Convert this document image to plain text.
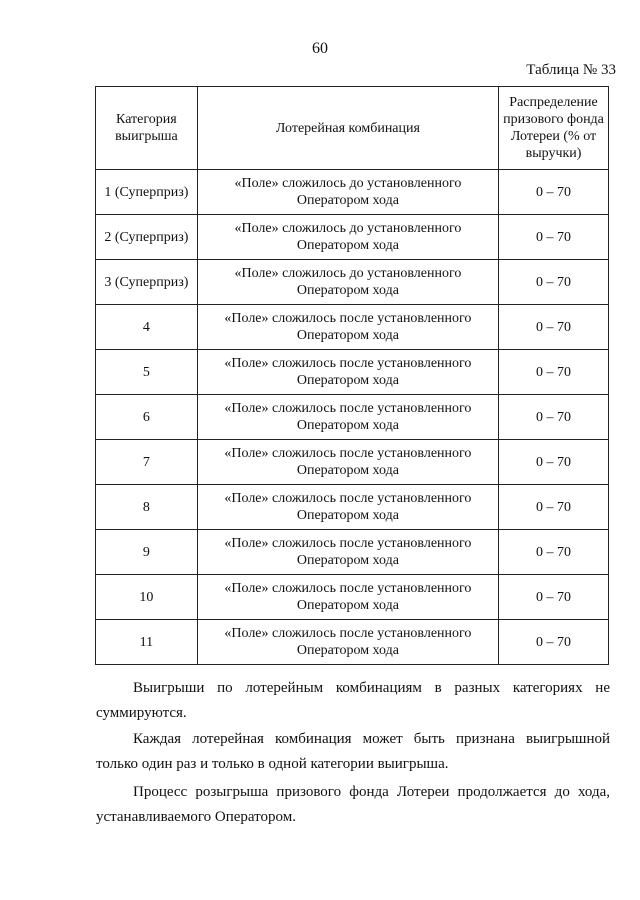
60
Таблица № 33
Категория выигрыша	Лотерейная комбинация	Распределение призового фонда Лотереи (% от выручки)
1 (Суперприз)	«Поле» сложилось до установленного Оператором хода	0 – 70
2 (Суперприз)	«Поле» сложилось до установленного Оператором хода	0 – 70
3 (Суперприз)	«Поле» сложилось до установленного Оператором хода	0 – 70
4	«Поле» сложилось после установленного Оператором хода	0 – 70
5	«Поле» сложилось после установленного Оператором хода	0 – 70
6	«Поле» сложилось после установленного Оператором хода	0 – 70
7	«Поле» сложилось после установленного Оператором хода	0 – 70
8	«Поле» сложилось после установленного Оператором хода	0 – 70
9	«Поле» сложилось после установленного Оператором хода	0 – 70
10	«Поле» сложилось после установленного Оператором хода	0 – 70
11	«Поле» сложилось после установленного Оператором хода	0 – 70

Выигрыши по лотерейным комбинациям в разных категориях не суммируются.

Каждая лотерейная комбинация может быть признана выигрышной только один раз и только в одной категории выигрыша.

Процесс розыгрыша призового фонда Лотереи продолжается до хода, устанавливаемого Оператором.
